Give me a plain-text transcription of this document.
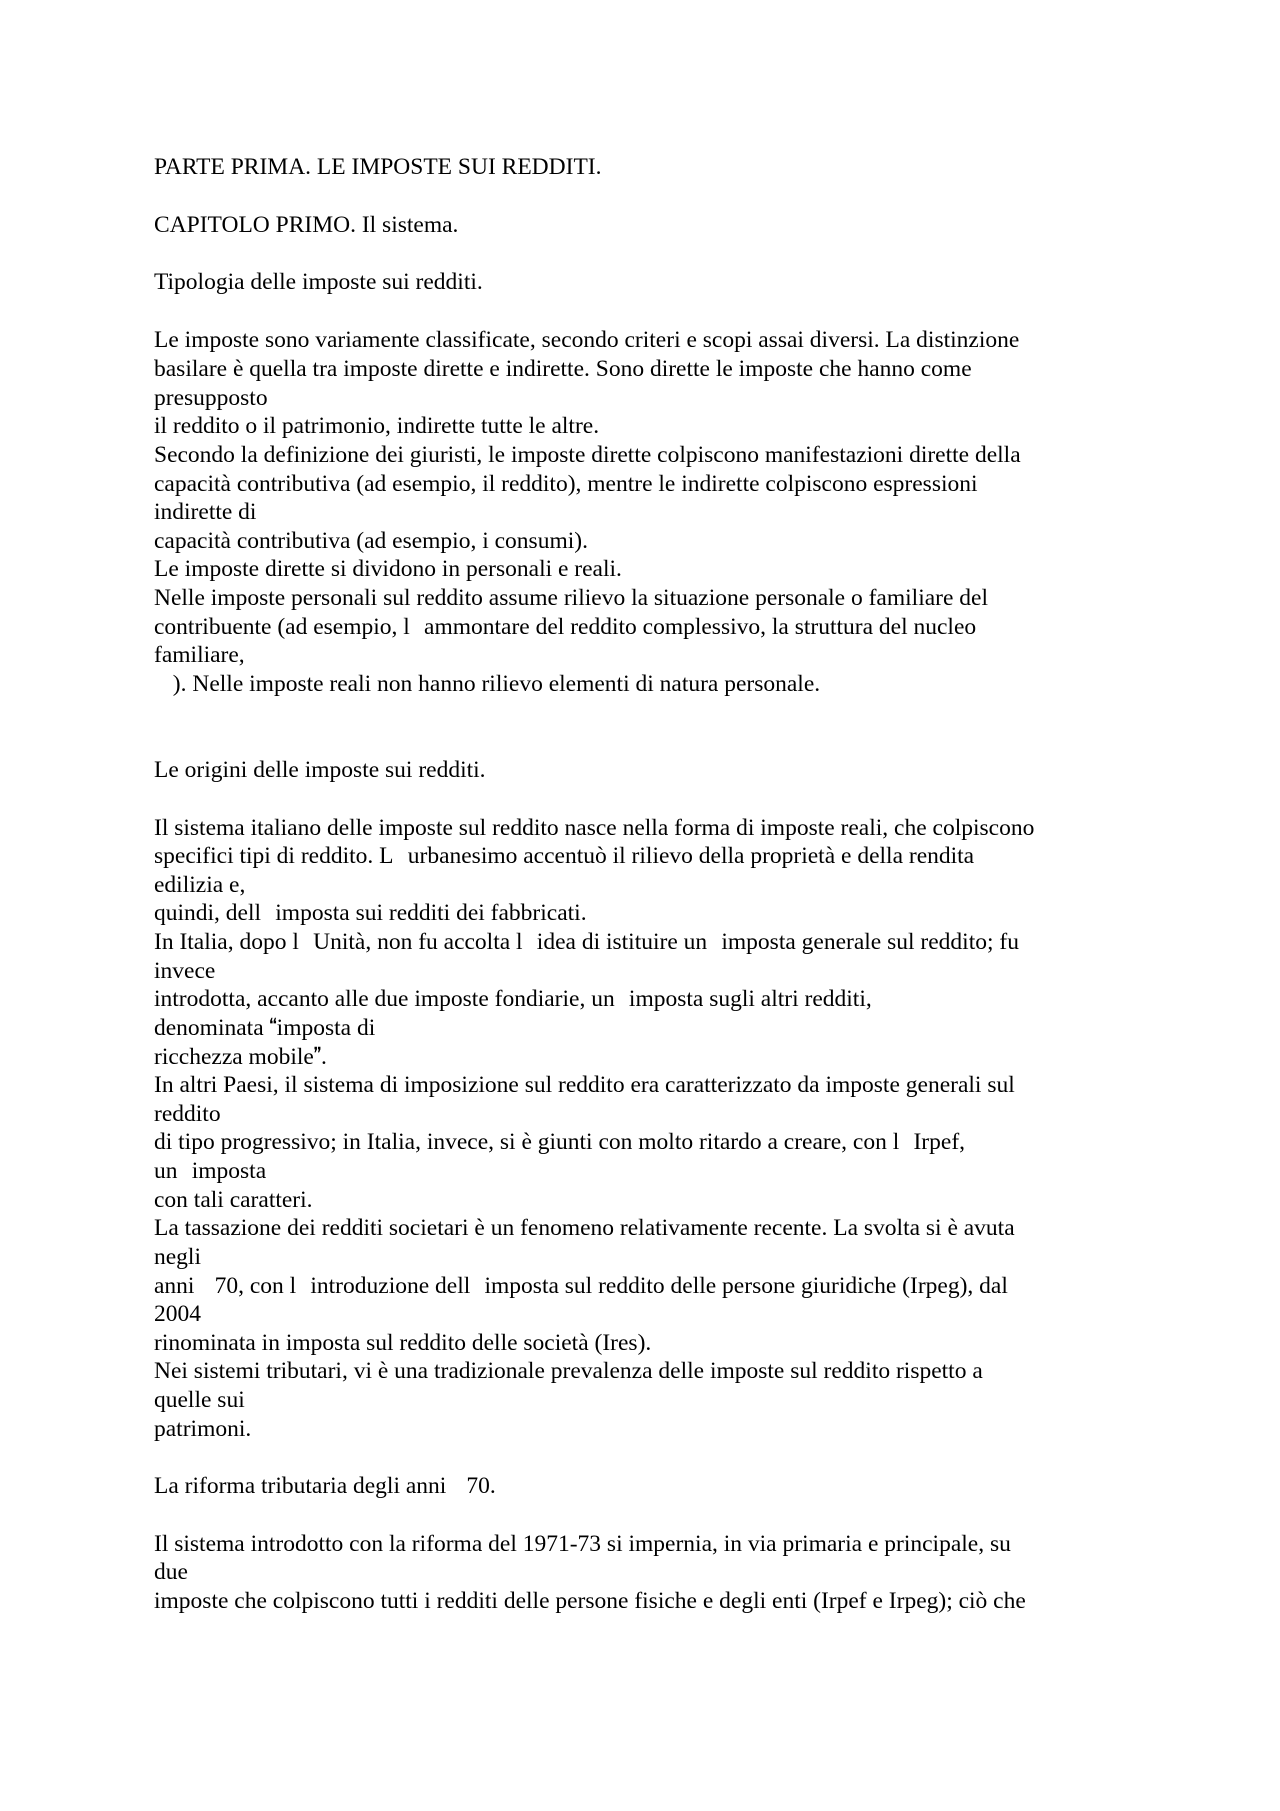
PARTE PRIMA. LE IMPOSTE SUI REDDITI.

CAPITOLO PRIMO. Il sistema.

Tipologia delle imposte sui redditi.

Le imposte sono variamente classificate, secondo criteri e scopi assai diversi. La distinzione

basilare è quella tra imposte dirette e indirette. Sono dirette le imposte che hanno come

presupposto

il reddito o il patrimonio, indirette tutte le altre.

Secondo la definizione dei giuristi, le imposte dirette colpiscono manifestazioni dirette della

capacità contributiva (ad esempio, il reddito), mentre le indirette colpiscono espressioni

indirette di

capacità contributiva (ad esempio, i consumi).

Le imposte dirette si dividono in personali e reali.

Nelle imposte personali sul reddito assume rilievo la situazione personale o familiare del

contribuente (ad esempio, lammontare del reddito complessivo, la struttura del nucleo

familiare,

). Nelle imposte reali non hanno rilievo elementi di natura personale.

Le origini delle imposte sui redditi.

Il sistema italiano delle imposte sul reddito nasce nella forma di imposte reali, che colpiscono

specifici tipi di reddito. Lurbanesimo accentuò il rilievo della proprietà e della rendita

edilizia e,

quindi, dellimposta sui redditi dei fabbricati.

In Italia, dopo lUnità, non fu accolta lidea di istituire unimposta generale sul reddito; fu

invece

introdotta, accanto alle due imposte fondiarie, unimposta sugli altri redditi,

denominata imposta di

ricchezza mobile.

In altri Paesi, il sistema di imposizione sul reddito era caratterizzato da imposte generali sul

reddito

di tipo progressivo; in Italia, invece, si è giunti con molto ritardo a creare, con lIrpef,

unimposta

con tali caratteri.

La tassazione dei redditi societari è un fenomeno relativamente recente. La svolta si è avuta

negli

anni 70, con lintroduzione dellimposta sul reddito delle persone giuridiche (Irpeg), dal

2004

rinominata in imposta sul reddito delle società (Ires).

Nei sistemi tributari, vi è una tradizionale prevalenza delle imposte sul reddito rispetto a

quelle sui

patrimoni.

La riforma tributaria degli anni 70.

Il sistema introdotto con la riforma del 1971-73 si impernia, in via primaria e principale, su

due

imposte che colpiscono tutti i redditi delle persone fisiche e degli enti (Irpef e Irpeg); ciò che
